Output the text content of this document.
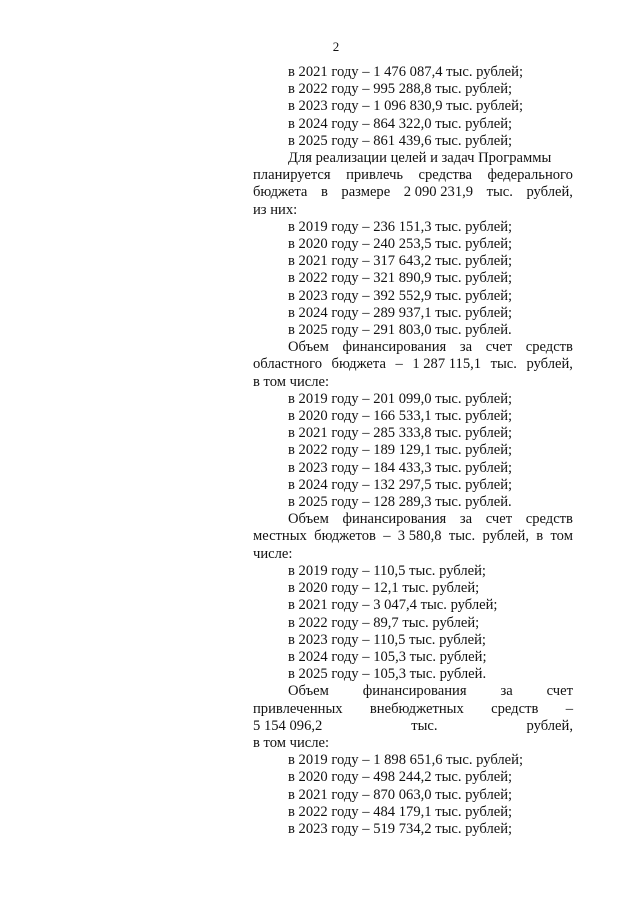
2
в 2021 году – 1 476 087,4 тыс. рублей;
в 2022 году – 995 288,8 тыс. рублей;
в 2023 году – 1 096 830,9 тыс. рублей;
в 2024 году – 864 322,0 тыс. рублей;
в 2025 году – 861 439,6 тыс. рублей;
Для реализации целей и задач Программы
планируется привлечь средства федерального
бюджета в размере 2 090 231,9 тыс. рублей,
из них:
в 2019 году – 236 151,3 тыс. рублей;
в 2020 году – 240 253,5 тыс. рублей;
в 2021 году – 317 643,2 тыс. рублей;
в 2022 году – 321 890,9 тыс. рублей;
в 2023 году – 392 552,9 тыс. рублей;
в 2024 году – 289 937,1 тыс. рублей;
в 2025 году – 291 803,0 тыс. рублей.
Объем финансирования за счет средств
областного бюджета – 1 287 115,1 тыс. рублей,
в том числе:
в 2019 году – 201 099,0 тыс. рублей;
в 2020 году – 166 533,1 тыс. рублей;
в 2021 году – 285 333,8 тыс. рублей;
в 2022 году – 189 129,1 тыс. рублей;
в 2023 году – 184 433,3 тыс. рублей;
в 2024 году – 132 297,5 тыс. рублей;
в 2025 году – 128 289,3 тыс. рублей.
Объем финансирования за счет средств
местных бюджетов – 3 580,8 тыс. рублей, в том
числе:
в 2019 году – 110,5 тыс. рублей;
в 2020 году – 12,1 тыс. рублей;
в 2021 году – 3 047,4 тыс. рублей;
в 2022 году – 89,7 тыс. рублей;
в 2023 году – 110,5 тыс. рублей;
в 2024 году – 105,3 тыс. рублей;
в 2025 году – 105,3 тыс. рублей.
Объем финансирования за счет
привлеченных внебюджетных средств –
5 154 096,2	тыс.	рублей,
в том числе:
в 2019 году – 1 898 651,6 тыс. рублей;
в 2020 году – 498 244,2 тыс. рублей;
в 2021 году – 870 063,0 тыс. рублей;
в 2022 году – 484 179,1 тыс. рублей;
в 2023 году – 519 734,2 тыс. рублей;
